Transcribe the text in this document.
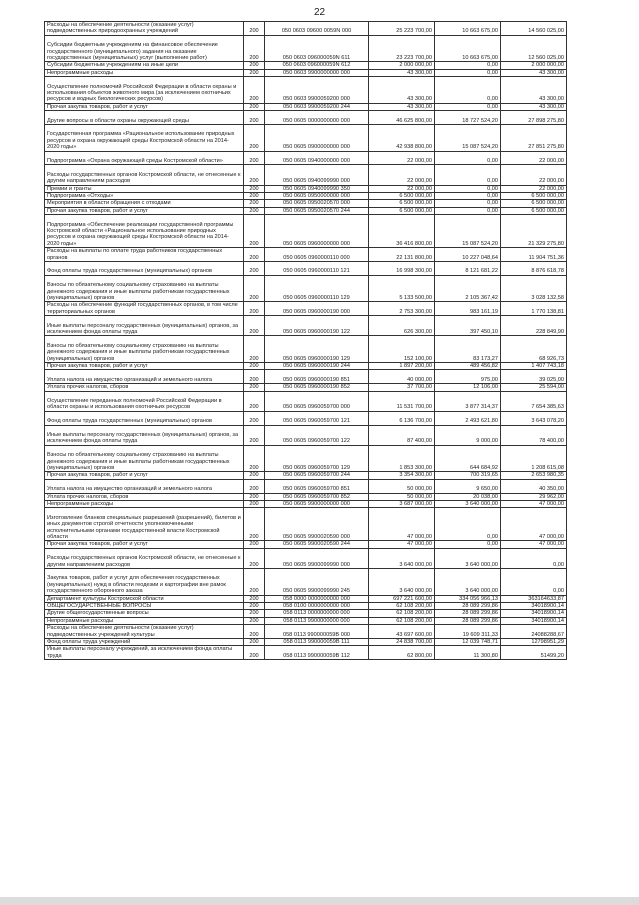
22
Расходы на обеспечение деятельности (оказание услуг) подведомственных природоохранных учреждений	200	050 0603 09600 0059N 000	25 223 700,00	10 663 675,00	14 560 025,00
Субсидии бюджетным учреждениям на финансовое обеспечение государственного (муниципального) задания на оказание государственных (муниципальных) услуг (выполнение работ)	200	050 0603 096000059N 611	23 223 700,00	10 663 675,00	12 560 025,00
Субсидии бюджетным учреждениям на иные цели	200	050 0603 096000059N 612	2 000 000,00	0,00	2 000 000,00
Непрограммные расходы	200	050 0603 9900000000 000	43 300,00	0,00	43 300,00
Осуществление полномочий Российской Федерации в области охраны и использования объектов животного мира (за исключением охотничьих ресурсов и водных биологических ресурсов)	200	050 0603 9900059200 000	43 300,00	0,00	43 300,00
Прочая закупка товаров, работ и услуг	200	050 0603 9900059200 244	43 300,00	0,00	43 300,00
Другие вопросы в области охраны окружающей среды	200	050 0605 0000000000 000	46 625 800,00	18 727 524,20	27 898 275,80
Государственная программа «Рациональное использование природных ресурсов и охрана окружающей среды Костромской области на 2014-2020 годы»	200	050 0605 0900000000 000	42 938 800,00	15 087 524,20	27 851 275,80
Подпрограмма «Охрана окружающей среды Костромской области»	200	050 0605 0940000000 000	22 000,00	0,00	22 000,00
Расходы государственных органов Костромской области, не отнесенные к другим направлениям расходов	200	050 0605 0940099990 000	22 000,00	0,00	22 000,00
Премии и гранты	200	050 0605 0940099990 350	22 000,00	0,00	22 000,00
Подпрограмма «Отходы»	200	050 0605 0950000000 000	6 500 000,00	0,00	6 500 000,00
Мероприятия в области обращения с отходами	200	050 0605 0950020570 000	6 500 000,00	0,00	6 500 000,00
Прочая закупка товаров, работ и услуг	200	050 0605 0950020570 244	6 500 000,00	0,00	6 500 000,00
Подпрограмма «Обеспечение реализации государственной программы Костромской области «Рациональное использование природных ресурсов и охрана окружающей среды Костромской области на 2014-2020 годы»	200	050 0605 0960000000 000	36 416 800,00	15 087 524,20	21 329 275,80
Расходы на выплаты по оплате труда работников государственных органов	200	050 0605 0960000110 000	22 131 800,00	10 227 048,64	11 904 751,36
Фонд оплаты труда государственных (муниципальных) органов	200	050 0605 0960000110 121	16 998 300,00	8 121 681,22	8 876 618,78
Взносы по обязательному социальному страхованию на выплаты денежного содержания и иные выплаты работникам государственных (муниципальных) органов	200	050 0605 0960000110 129	5 133 500,00	2 105 367,42	3 028 132,58
Расходы на обеспечение функций государственных органов, в том числе территориальных органов	200	050 0605 0960000190 000	2 753 300,00	983 161,19	1 770 138,81
Иные выплаты персоналу государственных (муниципальных) органов, за исключением фонда оплаты труда	200	050 0605 0960000190 122	626 300,00	397 450,10	228 849,90
Взносы по обязательному социальному страхованию на выплаты денежного содержания и иные выплаты работникам государственных (муниципальных) органов	200	050 0605 0960000190 129	152 100,00	83 173,27	68 926,73
Прочая закупка товаров, работ и услуг	200	050 0605 0960000190 244	1 897 200,00	489 456,82	1 407 743,18
Уплата налога на имущество организаций и земельного налога	200	050 0605 0960000190 851	40 000,00	975,00	39 025,00
Уплата прочих налогов, сборов	200	050 0605 0960000190 852	37 700,00	12 106,00	25 594,00
Осуществление переданных полномочий Российской Федерации в области охраны и использования охотничьих ресурсов	200	050 0605 0960059700 000	11 531 700,00	3 877 314,37	7 654 385,63
Фонд оплаты труда государственных (муниципальных) органов	200	050 0605 0960059700 121	6 136 700,00	2 493 621,80	3 643 078,20
Иные выплаты персоналу государственных (муниципальных) органов, за исключением фонда оплаты труда	200	050 0605 0960059700 122	87 400,00	9 000,00	78 400,00
Взносы по обязательному социальному страхованию на выплаты денежного содержания и иные выплаты работникам государственных (муниципальных) органов	200	050 0605 0960059700 129	1 853 300,00	644 684,92	1 208 615,08
Прочая закупка товаров, работ и услуг	200	050 0605 0960059700 244	3 354 300,00	700 319,65	2 653 980,35
Уплата налога на имущество организаций и земельного налога	200	050 0605 0960059700 851	50 000,00	9 650,00	40 350,00
Уплата прочих налогов, сборов	200	050 0605 0960059700 852	50 000,00	20 038,00	29 962,00
Непрограммные расходы	200	050 0605 9900000000 000	3 687 000,00	3 640 000,00	47 000,00
Изготовление бланков специальных разрешений (разрешений), билетов и иных документов строгой отчетности уполномоченными исполнительными органами государственной власти Костромской области	200	050 0605 9900020590 000	47 000,00	0,00	47 000,00
Прочая закупка товаров, работ и услуг	200	050 0605 9900020590 244	47 000,00	0,00	47 000,00
Расходы государственных органов Костромской области, не отнесенные к другим направлениям расходов	200	050 0605 9900099990 000	3 640 000,00	3 640 000,00	0,00
Закупка товаров, работ и услуг для обеспечения государственных (муниципальных) нужд в области геодезии и картографии вне рамок государственного оборонного заказа	200	050 0605 9900099990 245	3 640 000,00	3 640 000,00	0,00
Департамент культуры Костромской области	200	058 0000 0000000000 000	697 221 600,00	334 056 966,13	363164633,87
ОБЩЕГОСУДАРСТВЕННЫЕ ВОПРОСЫ	200	058 0100 0000000000 000	62 108 200,00	28 089 299,86	34018900,14
Другие общегосударственные вопросы	200	058 0113 0000000000 000	62 108 200,00	28 089 299,86	34018900,14
Непрограммные расходы	200	058 0113 9900000000 000	62 108 200,00	28 089 299,86	34018900,14
Расходы на обеспечение деятельности (оказание услуг) подведомственных учреждений культуры	200	058 0113 990000059В 000	43 697 600,00	19 609 311,33	24088288,67
Фонд оплаты труда учреждений	200	058 0113 990000059В 111	24 838 700,00	12 039 748,71	12798951,29
Иные выплаты персоналу учреждений, за исключением фонда оплаты труда	200	058 0113 990000059В 112	62 800,00	11 300,80	51499,20
